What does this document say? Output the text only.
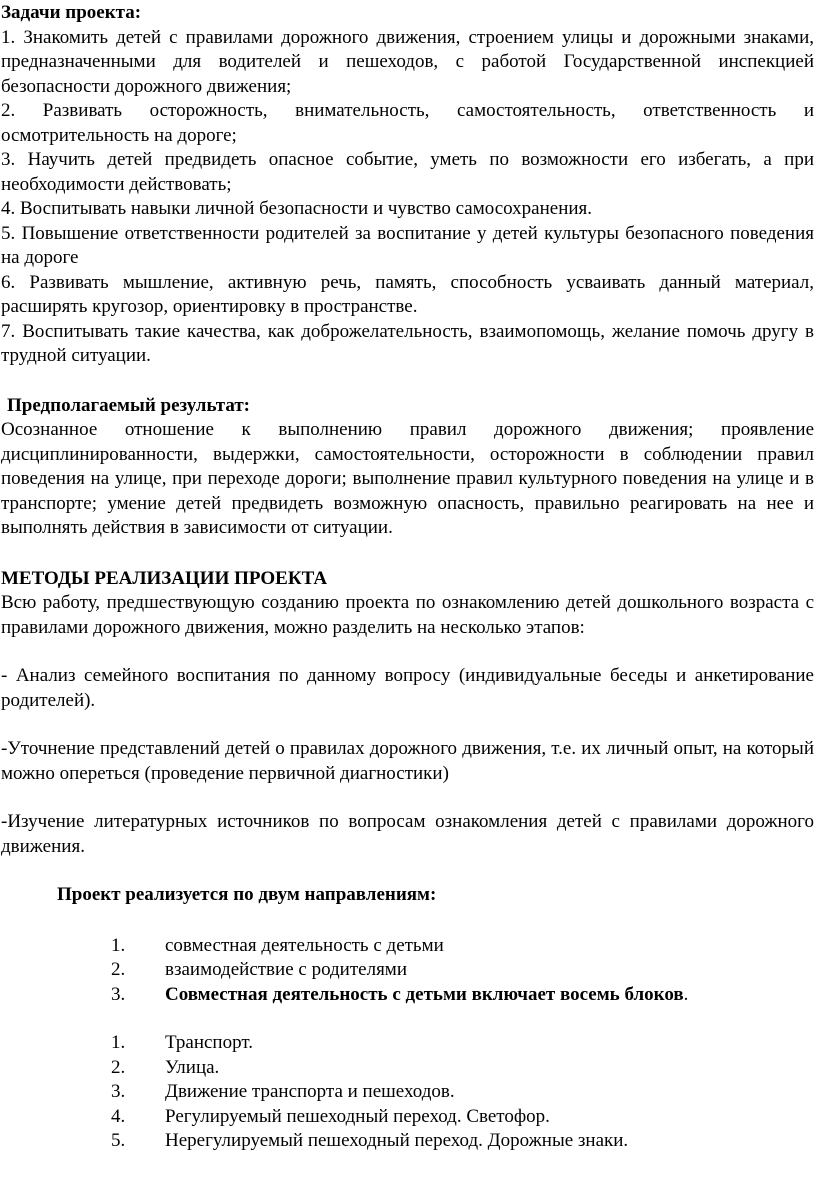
Задачи проекта:

1. Знакомить детей с правилами дорожного движения, строением улицы и дорожными знаками, предназначенными для водителей и пешеходов, с работой Государственной инспекцией безопасности дорожного движения;

2. Развивать осторожность, внимательность, самостоятельность, ответственность и осмотрительность на дороге;

3. Научить детей предвидеть опасное событие, уметь по возможности его избегать, а при необходимости действовать;

4. Воспитывать навыки личной безопасности и чувство самосохранения.

5. Повышение ответственности родителей за воспитание у детей культуры безопасного поведения на дороге

6. Развивать мышление, активную речь, память, способность усваивать данный материал, расширять кругозор, ориентировку в пространстве.

7. Воспитывать такие качества, как доброжелательность, взаимопомощь, желание помочь другу в трудной ситуации.

Предполагаемый результат:

Осознанное отношение к выполнению правил дорожного движения; проявление дисциплинированности, выдержки, самостоятельности, осторожности в соблюдении правил поведения на улице, при переходе дороги; выполнение правил культурного поведения на улице и в транспорте; умение детей предвидеть возможную опасность, правильно реагировать на нее и выполнять действия в зависимости от ситуации.

МЕТОДЫ РЕАЛИЗАЦИИ ПРОЕКТА

Всю работу, предшествующую созданию проекта по ознакомлению детей дошкольного возраста с правилами дорожного движения, можно разделить на несколько этапов:

- Анализ семейного воспитания по данному вопросу (индивидуальные беседы и анкетирование родителей).

-Уточнение представлений детей о правилах дорожного движения, т.е. их личный опыт, на который можно опереться (проведение первичной диагностики)

-Изучение литературных источников по вопросам ознакомления детей с правилами дорожного движения.

Проект реализуется по двум направлениям:

1.	совместная деятельность с детьми
2.	взаимодействие с родителями
3.	Совместная деятельность с детьми включает восемь блоков.
1.	Транспорт.
2.	Улица.
3.	Движение транспорта и пешеходов.
4.	Регулируемый пешеходный переход. Светофор.
5.	Нерегулируемый пешеходный переход. Дорожные знаки.
